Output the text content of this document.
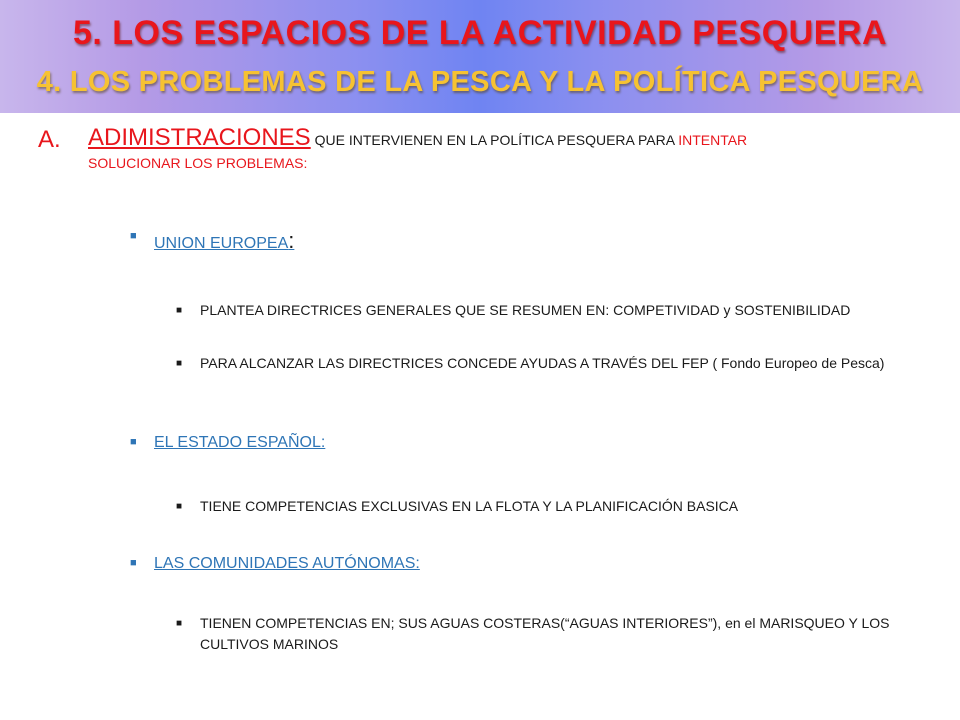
5. LOS ESPACIOS DE LA ACTIVIDAD PESQUERA
4. LOS PROBLEMAS DE LA PESCA Y LA POLÍTICA PESQUERA
A. ADIMISTRACIONES QUE INTERVIENEN EN LA POLÍTICA PESQUERA PARA INTENTAR
SOLUCIONAR LOS PROBLEMAS:
■ UNION EUROPEA:
■ PLANTEA DIRECTRICES GENERALES QUE SE RESUMEN EN: COMPETIVIDAD y SOSTENIBILIDAD
■ PARA ALCANZAR LAS DIRECTRICES CONCEDE AYUDAS A TRAVÉS DEL FEP ( Fondo Europeo de Pesca)
■ EL ESTADO ESPAÑOL:
■ TIENE COMPETENCIAS EXCLUSIVAS EN LA FLOTA Y LA PLANIFICACIÓN BASICA
■ LAS COMUNIDADES AUTÓNOMAS:
■ TIENEN COMPETENCIAS EN; SUS AGUAS COSTERAS(“AGUAS INTERIORES”), en el MARISQUEO Y LOS CULTIVOS MARINOS
